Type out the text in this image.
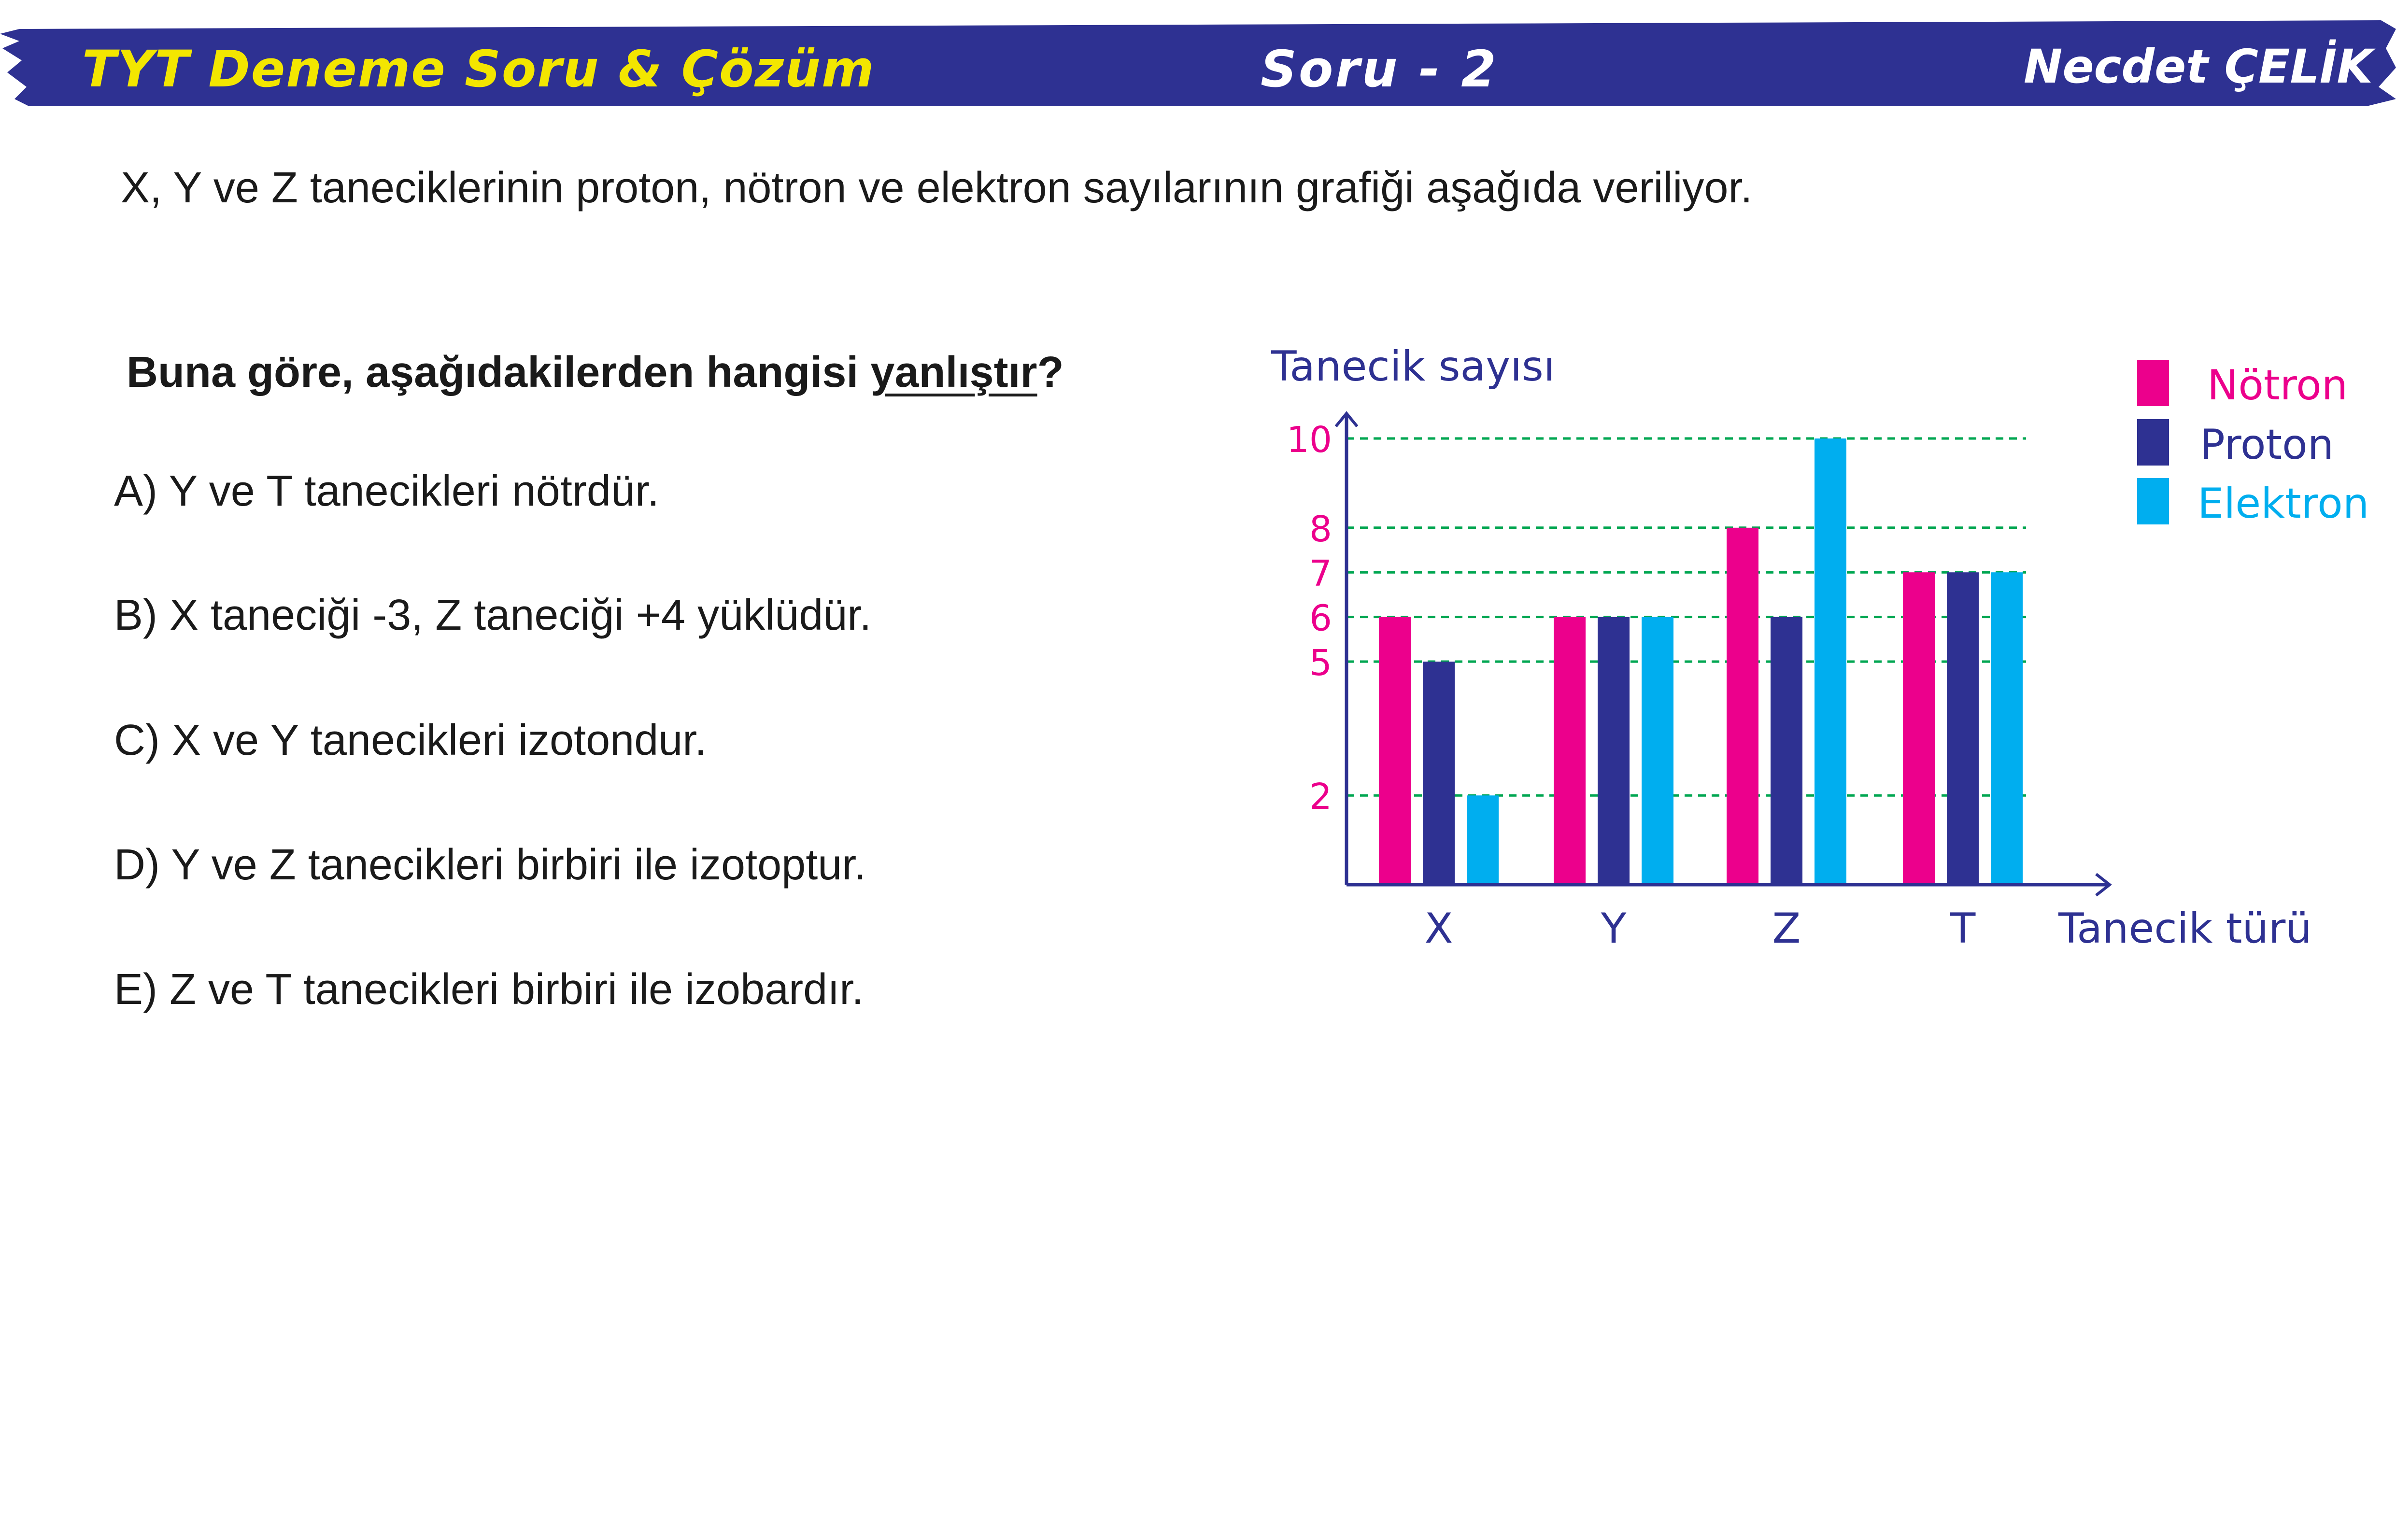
TYT Deneme Soru & Çözüm	Soru - 2	Necdet ÇELİK
X, Y ve Z taneciklerinin proton, nötron ve elektron sayılarının grafiği aşağıda veriliyor.
Buna göre, aşağıdakilerden hangisi yanlıştır?
A) Y ve T tanecikleri nötrdür.
B) X taneciği -3, Z taneciği +4 yüklüdür.
C) X ve Y tanecikleri izotondur.
D) Y ve Z tanecikleri birbiri ile izotoptur.
E) Z ve T tanecikleri birbiri ile izobardır.
2
5
6
7
8
10
X	Y	Z	T
Tanecik sayısı
Tanecik türü
Nötron
Proton
Elektron
